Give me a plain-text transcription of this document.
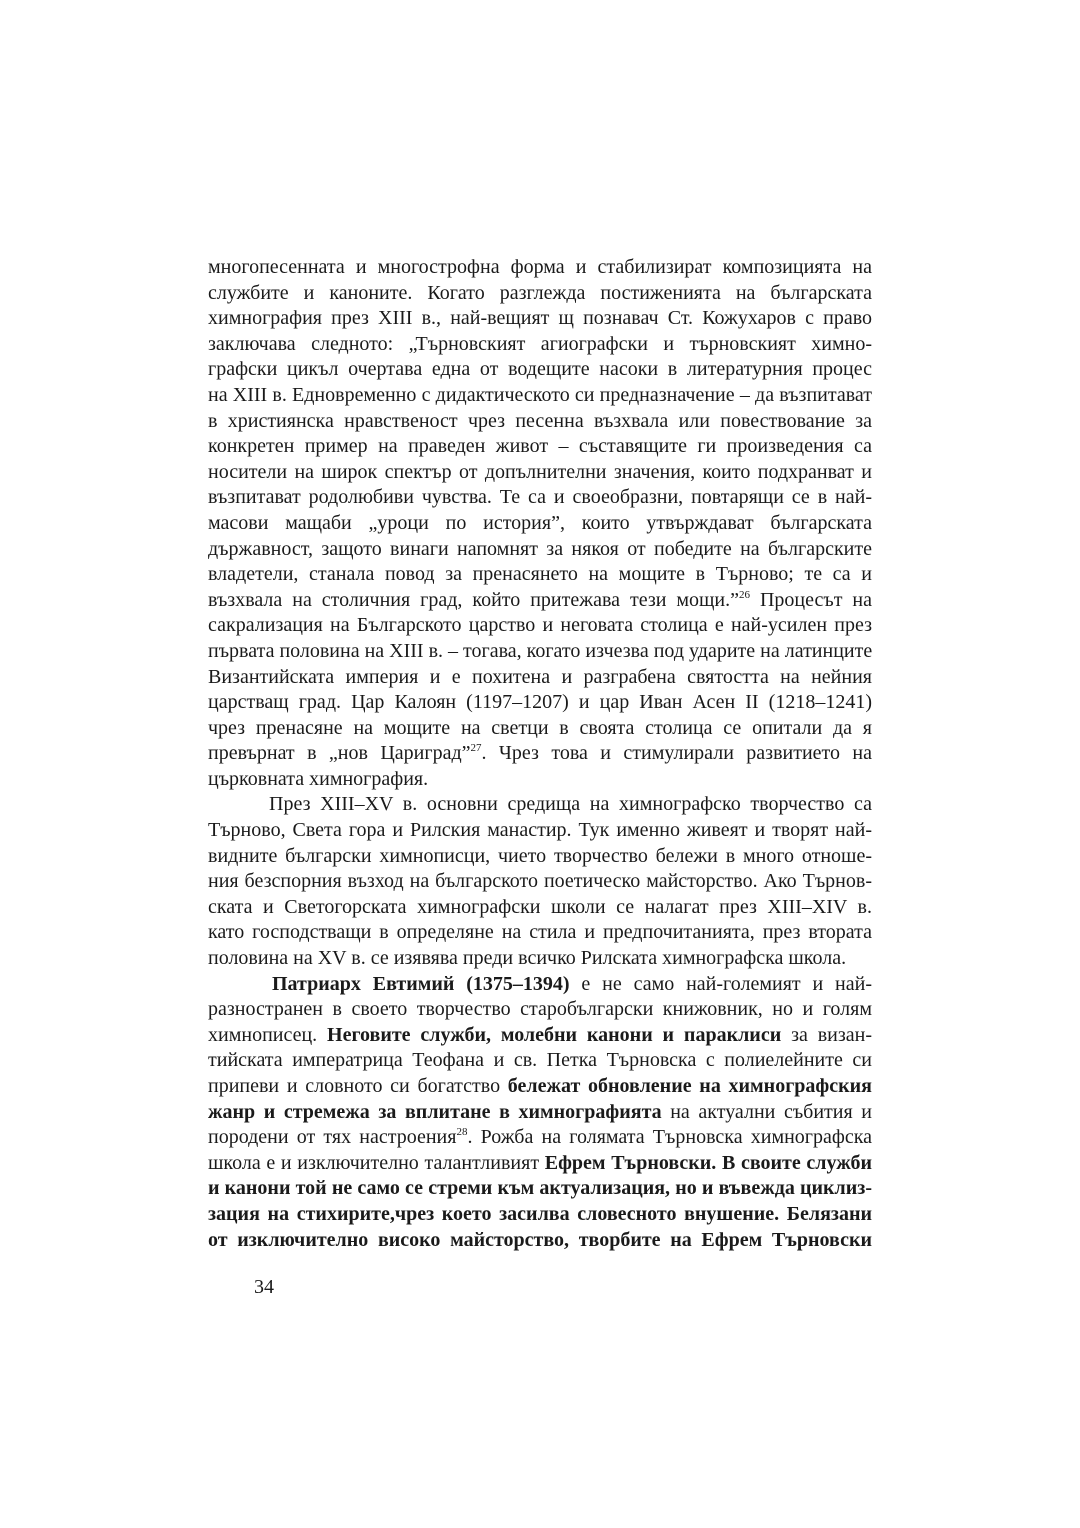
многопесенната и многострофна форма и стабилизират композицията на
службите и каноните. Когато разглежда постиженията на българската
химнография през XIII в., най-вещият щ познавач Ст. Кожухаров с право
заключава следното: „Търновският агиографски и търновският химно-
графски цикъл очертава една от водещите насоки в литературния процес
на XIII в. Едновременно с дидактическото си предназначение – да възпитават
в християнска нравственост чрез песенна възхвала или повествование за
конкретен пример на праведен живот – съставящите ги произведения са
носители на широк спектър от допълнителни значения, които подхранват и
възпитават родолюбиви чувства. Те са и своеобразни, повтарящи се в най-
масови мащаби „уроци по история”, които утвърждават българската
държавност, защото винаги напомнят за някоя от победите на българските
владетели, станала повод за пренасянето на мощите в Търново; те са и
възхвала на столичния град, който притежава тези мощи.”$^{26}$ Процесът на
сакрализация на Българското царство и неговата столица е най-усилен през
първата половина на XIII в. – тогава, когато изчезва под ударите на латинците
Византийската империя и е похитена и разграбена святостта на нейния
царстващ град. Цар Калоян (1197–1207) и цар Иван Асен II (1218–1241)
чрез пренасяне на мощите на светци в своята столица се опитали да я
превърнат в „нов Цариград”$^{27}$. Чрез това и стимулирали развитието на
църковната химнография.
През XIII–XV в. основни средища на химнографско творчество са
Търново, Света гора и Рилския манастир. Тук именно живеят и творят най-
видните български химнописци, чието творчество бележи в много отноше-
ния безспорния възход на българското поетическо майсторство. Ако Търнов-
ската и Светогорската химнографски школи се налагат през XIII–XIV в.
като господстващи в определяне на стила и предпочитанията, през втората
половина на XV в. се изявява преди всичко Рилската химнографска школа.
Патриарх Евтимий (1375–1394) е не само най-големият и най-
разностранен в своето творчество старобългарски книжовник, но и голям
химнописец. Неговите служби, молебни канони и параклиси за визан-
тийската императрица Теофана и св. Петка Търновска с полиелейните си
припеви и словното си богатство бележат обновление на химнографския
жанр и стремежа за вплитане в химнографията на актуални събития и
породени от тях настроения$^{28}$. Рожба на голямата Търновска химнографска
школа е и изключително талантливият Ефрем Търновски. В своите служби
и канони той не само се стреми към актуализация, но и въвежда циклиз-
зация на стихирите,чрез което засилва словесното внушение. Белязани
от изключително високо майсторство, творбите на Ефрем Търновски
34
